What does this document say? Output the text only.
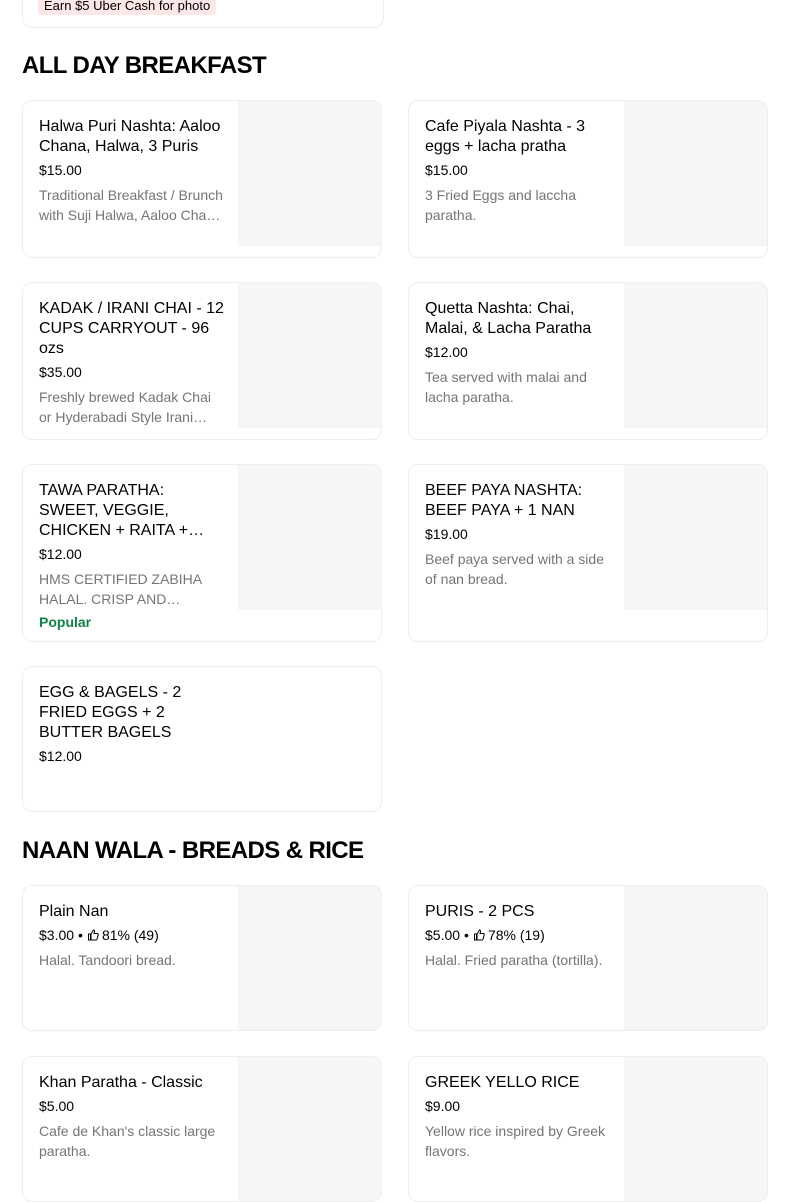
Earn $5 Uber Cash for photo
ALL DAY BREAKFAST

Halwa Puri Nashta: Aaloo Chana, Halwa, 3 Puris

$15.00
Traditional Breakfast / Brunch with Suji Halwa, Aaloo Chana

Cafe Piyala Nashta - 3 eggs + lacha pratha

$15.00
3 Fried Eggs and laccha paratha.

KADAK / IRANI CHAI - 12 CUPS CARRYOUT - 96 ozs

$35.00
Freshly brewed Kadak Chai or Hyderabadi Style Irani

Quetta Nashta: Chai, Malai, & Lacha Paratha

$12.00
Tea served with malai and lacha paratha.

TAWA PARATHA: SWEET, VEGGIE, CHICKEN + RAITA +

$12.00
HMS CERTIFIED ZABIHA HALAL. CRISP AND
Popular

BEEF PAYA NASHTA: BEEF PAYA + 1 NAN

$19.00
Beef paya served with a side of nan bread.

EGG & BAGELS - 2 FRIED EGGS + 2 BUTTER BAGELS

$12.00
NAAN WALA - BREADS & RICE

Plain Nan

$3.00 • 81% (49)
Halal. Tandoori bread.

PURIS - 2 PCS

$5.00 • 78% (19)
Halal. Fried paratha (tortilla).

Khan Paratha - Classic

$5.00
Cafe de Khan's classic large paratha.

GREEK YELLO RICE

$9.00
Yellow rice inspired by Greek flavors.
